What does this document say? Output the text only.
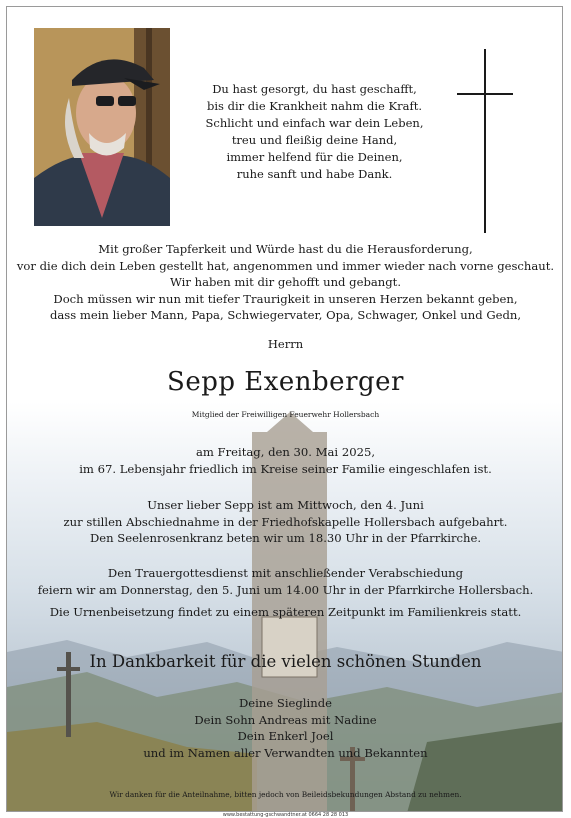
Du hast gesorgt, du hast geschafft,
bis dir die Krankheit nahm die Kraft.
Schlicht und einfach war dein Leben,
treu und fleißig deine Hand,
immer helfend für die Deinen,
ruhe sanft und habe Dank.
Mit großer Tapferkeit und Würde hast du die Herausforderung,
vor die dich dein Leben gestellt hat, angenommen und immer wieder nach vorne geschaut.
Wir haben mit dir gehofft und gebangt.
Doch müssen wir nun mit tiefer Traurigkeit in unseren Herzen bekannt geben,
dass mein lieber Mann, Papa, Schwiegervater, Opa, Schwager, Onkel und Gedn,
Herrn
Sepp Exenberger
Mitglied der Freiwilligen Feuerwehr Hollersbach
am Freitag, den 30. Mai 2025,
im 67. Lebensjahr friedlich im Kreise seiner Familie eingeschlafen ist.
Unser lieber Sepp ist am Mittwoch, den 4. Juni
zur stillen Abschiednahme in der Friedhofskapelle Hollersbach aufgebahrt.
Den Seelenrosenkranz beten wir um 18.30 Uhr in der Pfarrkirche.
Den Trauergottesdienst mit anschließender Verabschiedung
feiern wir am Donnerstag, den 5. Juni um 14.00 Uhr in der Pfarrkirche Hollersbach.
Die Urnenbeisetzung findet zu einem späteren Zeitpunkt im Familienkreis statt.
In Dankbarkeit für die vielen schönen Stunden
Deine Sieglinde
Dein Sohn Andreas mit Nadine
Dein Enkerl Joel
und im Namen aller Verwandten und Bekannten
Wir danken für die Anteilnahme, bitten jedoch von Beileidsbekundungen Abstand zu nehmen.
www.bestattung-gschwandtner.at 0664 28 28 013
